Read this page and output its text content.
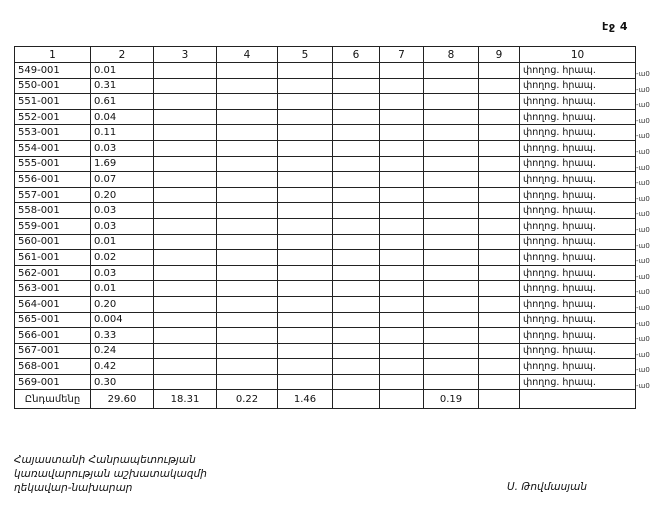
էջ 4
1	2	3	4	5	6	7	8	9	10
549-001	0.01								փողոց. հրապ.
550-001	0.31								փողոց. հրապ.
551-001	0.61								փողոց. հրապ.
552-001	0.04								փողոց. հրապ.
553-001	0.11								փողոց. հրապ.
554-001	0.03								փողոց. հրապ.
555-001	1.69								փողոց. հրապ.
556-001	0.07								փողոց. հրապ.
557-001	0.20								փողոց. հրապ.
558-001	0.03								փողոց. հրապ.
559-001	0.03								փողոց. հրապ.
560-001	0.01								փողոց. հրապ.
561-001	0.02								փողոց. հրապ.
562-001	0.03								փողոց. հրապ.
563-001	0.01								փողոց. հրապ.
564-001	0.20								փողոց. հրապ.
565-001	0.004								փողոց. հրապ.
566-001	0.33								փողոց. հրապ.
567-001	0.24								փողոց. հրապ.
568-001	0.42								փողոց. հրապ.
569-001	0.30								փողոց. հրապ.
Ընդամենը	29.60	18.31	0.22	1.46			0.19		
-ա0
-ա0
-ա0
-ա0
-ա0
-ա0
-ա0
-ա0
-ա0
-ա0
-ա0
-ա0
-ա0
-ա0
-ա0
-ա0
-ա0
-ա0
-ա0
-ա0
-ա0
Հայաստանի Հանրապետության
կառավարության աշխատակազմի
ղեկավար-նախարար	Ս. Թովմասյան
